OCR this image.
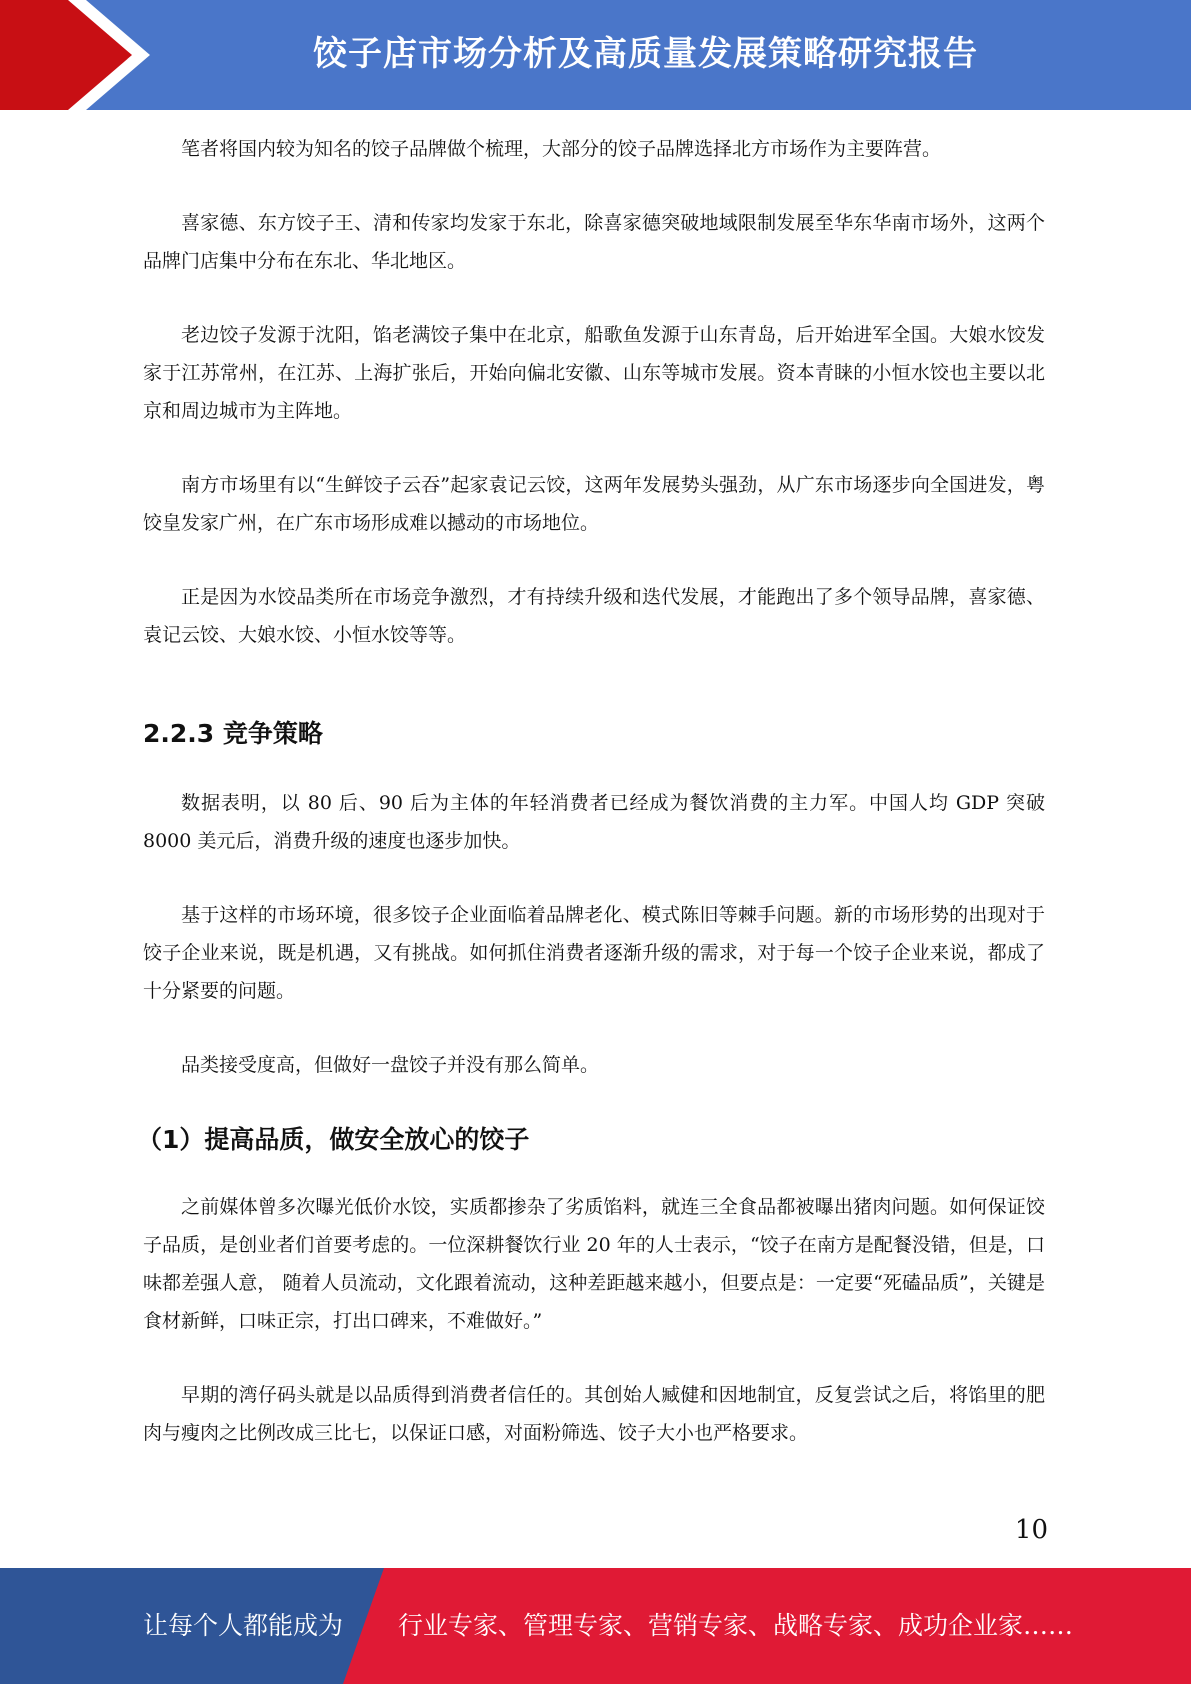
饺子店市场分析及高质量发展策略研究报告

笔者将国内较为知名的饺子品牌做个梳理，大部分的饺子品牌选择北方市场作为主要阵营。

喜家德、东方饺子王、清和传家均发家于东北，除喜家德突破地域限制发展至华东华南市场外，这两个品牌门店集中分布在东北、华北地区。

老边饺子发源于沈阳，馅老满饺子集中在北京，船歌鱼发源于山东青岛，后开始进军全国。大娘水饺发家于江苏常州，在江苏、上海扩张后，开始向偏北安徽、山东等城市发展。资本青睐的小恒水饺也主要以北京和周边城市为主阵地。

南方市场里有以“生鲜饺子云吞”起家袁记云饺，这两年发展势头强劲，从广东市场逐步向全国进发，粤饺皇发家广州，在广东市场形成难以撼动的市场地位。

正是因为水饺品类所在市场竞争激烈，才有持续升级和迭代发展，才能跑出了多个领导品牌，喜家德、袁记云饺、大娘水饺、小恒水饺等等。

2.2.3 竞争策略

数据表明，以 80 后、90 后为主体的年轻消费者已经成为餐饮消费的主力军。中国人均 GDP 突破 8000 美元后，消费升级的速度也逐步加快。

基于这样的市场环境，很多饺子企业面临着品牌老化、模式陈旧等棘手问题。新的市场形势的出现对于饺子企业来说，既是机遇，又有挑战。如何抓住消费者逐渐升级的需求，对于每一个饺子企业来说，都成了十分紧要的问题。

品类接受度高，但做好一盘饺子并没有那么简单。

（1）提高品质，做安全放心的饺子

之前媒体曾多次曝光低价水饺，实质都掺杂了劣质馅料，就连三全食品都被曝出猪肉问题。如何保证饺子品质，是创业者们首要考虑的。一位深耕餐饮行业 20 年的人士表示，“饺子在南方是配餐没错，但是，口味都差强人意， 随着人员流动，文化跟着流动，这种差距越来越小，但要点是：一定要“死磕品质”，关键是食材新鲜，口味正宗，打出口碑来，不难做好。”

早期的湾仔码头就是以品质得到消费者信任的。其创始人臧健和因地制宜，反复尝试之后，将馅里的肥肉与瘦肉之比例改成三比七，以保证口感，对面粉筛选、饺子大小也严格要求。

10
让每个人都能成为 行业专家、管理专家、营销专家、战略专家、成功企业家……
